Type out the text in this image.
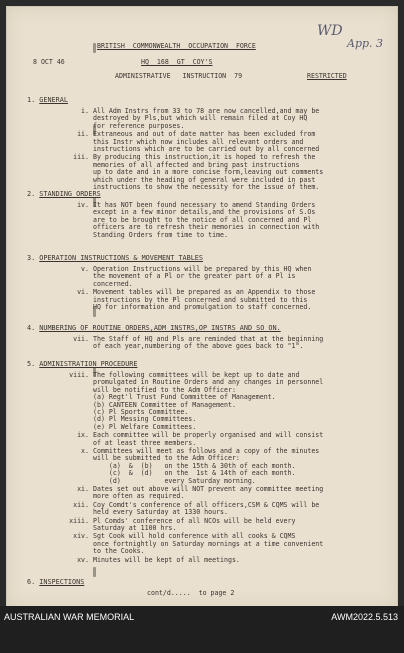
WD
App. 3
BRITISH  COMMONWEALTH  OCCUPATION  FORCE
8 OCT 46	HQ  168  GT  COY'S
ADMINISTRATIVE   INSTRUCTION  79	RESTRICTED
1. GENERAL
i. All Adm Instrs from 33 to 78 are now cancelled,and may be
destroyed by Pls,but which will remain filed at Coy HQ
for reference purposes.
ii. Extraneous and out of date matter has been excluded from
this Instr which now includes all relevant orders and
instructions which are to be carried out by all concerned
iii. By producing this instruction,it is hoped to refresh the
memories of all affected and bring past instructions
up to date and in a more concise form,leaving out comments
which under the heading of general were included in past
instructions to show the necessity for the issue of them.
2. STANDING ORDERS
iv. It has NOT been found necessary to amend Standing Orders
except in a few minor details,and the provisions of S.Os
are to be brought to the notice of all concerned and Pl
officers are to refresh their memories in connection with
Standing Orders from time to time.
3. OPERATION INSTRUCTIONS & MOVEMENT TABLES
v. Operation Instructions will be prepared by this HQ when
the movement of a Pl or the greater part of a Pl is
concerned.
vi. Movement tables will be prepared as an Appendix to those
instructions by the Pl concerned and submitted to this
HQ for information and promulgation to staff concerned.
4. NUMBERING OF ROUTINE ORDERS,ADM INSTRS,OP INSTRS AND SO ON.
vii. The Staff of HQ and Pls are reminded that at the beginning
of each year,numbering of the above goes back to "1".
5. ADMINISTRATION PROCEDURE
viii. The following committees will be kept up to date and
promulgated in Routine Orders and any changes in personnel
will be notified to the Adm Officer:
(a) Regt'l Trust Fund Committee of Management.
(b) CANTEEN Committee of Management.
(c) Pl Sports Committee.
(d) Pl Messing Committees.
(e) Pl Welfare Committees.
ix. Each committee will be properly organised and will consist
of at least three members.
x. Committees will meet as follows and a copy of the minutes
will be submitted to the Adm Officer:
(a)  &  (b)   on the 15th & 30th of each month.
(c)  &  (d)   on the  1st & 14th of each month.
(d)           every Saturday morning.
xi. Dates set out above will NOT prevent any committee meeting
more often as required.
xii. Coy Comdt's conference of all officers,CSM & CQMS will be
held every Saturday at 1330 hours.
xiii. Pl Comds' conference of all NCOs will be held every
Saturday at 1100 hrs.
xiv. Sgt Cook will hold conference with all cooks & CQMS
once fortnightly on Saturday mornings at a time convenient
to the Cooks.
xv. Minutes will be kept of all meetings.
6. INSPECTIONS
cont/d.....  to page 2
AUSTRALIAN WAR MEMORIAL	AWM2022.5.513
